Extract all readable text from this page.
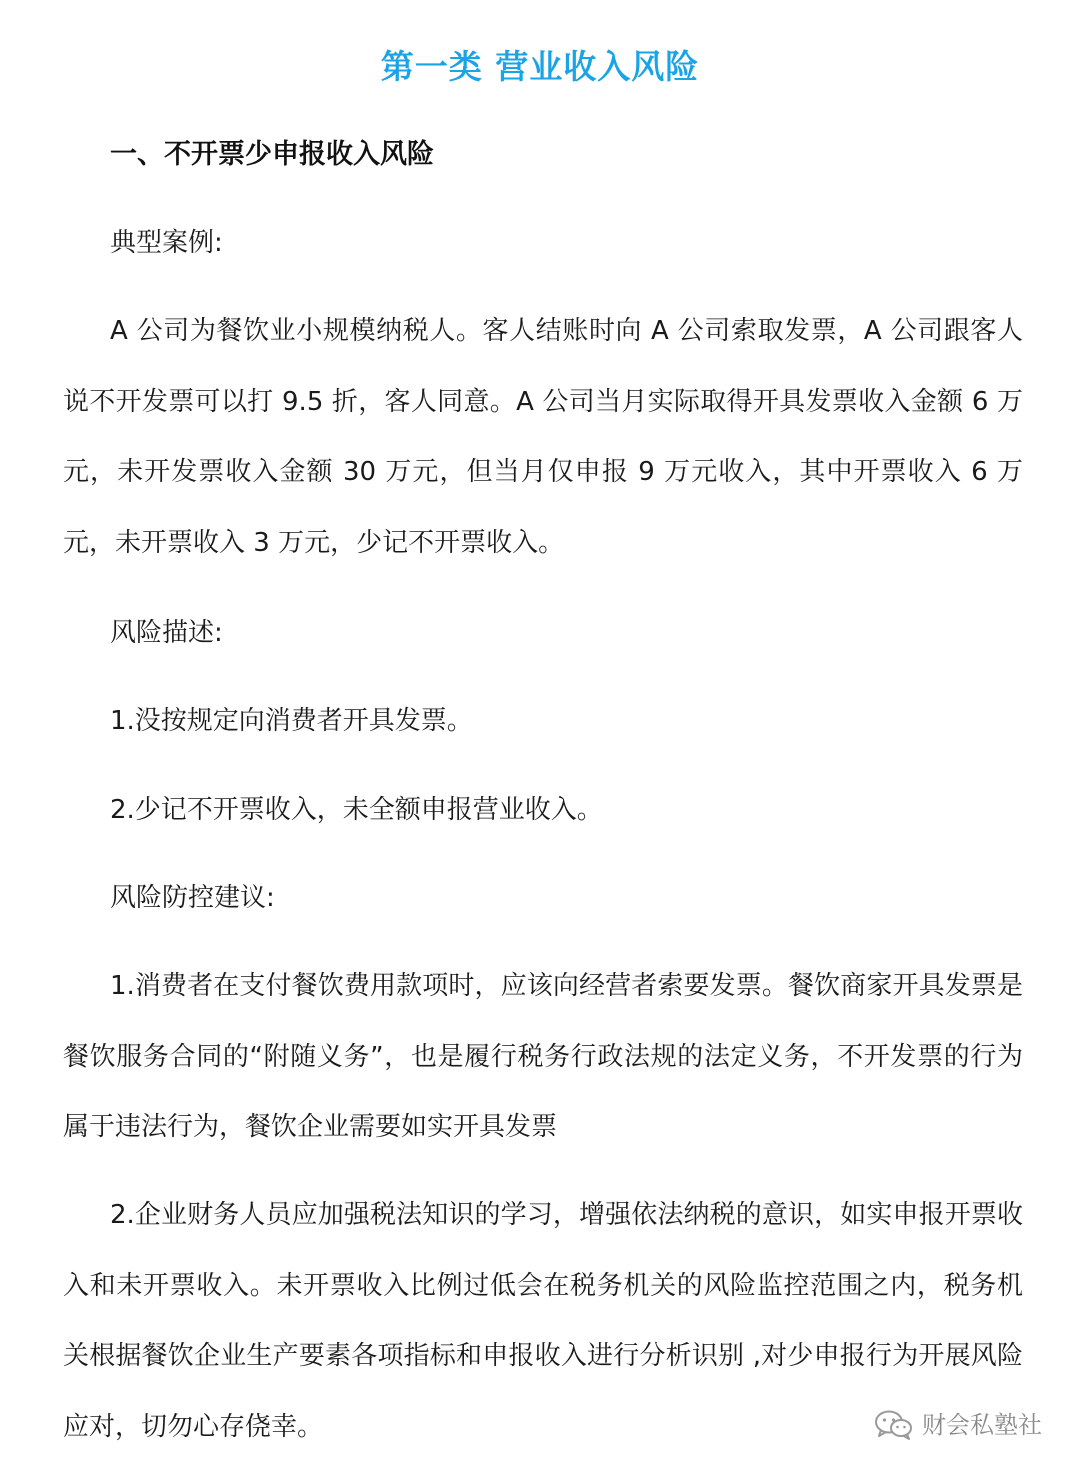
第一类 营业收入风险
一、不开票少申报收入风险
典型案例:
A 公司为餐饮业小规模纳税人。客人结账时向 A 公司索取发票，A 公司跟客人说不开发票可以打 9.5 折，客人同意。A 公司当月实际取得开具发票收入金额 6 万元，未开发票收入金额 30 万元，但当月仅申报 9 万元收入，其中开票收入 6 万元，未开票收入 3 万元，少记不开票收入。
风险描述:
1.没按规定向消费者开具发票。
2.少记不开票收入，未全额申报营业收入。
风险防控建议:
1.消费者在支付餐饮费用款项时，应该向经营者索要发票。餐饮商家开具发票是餐饮服务合同的“附随义务”，也是履行税务行政法规的法定义务，不开发票的行为属于违法行为，餐饮企业需要如实开具发票
2.企业财务人员应加强税法知识的学习，增强依法纳税的意识，如实申报开票收入和未开票收入。未开票收入比例过低会在税务机关的风险监控范围之内，税务机关根据餐饮企业生产要素各项指标和申报收入进行分析识别 ,对少申报行为开展风险应对，切勿心存侥幸。	财会私塾社
